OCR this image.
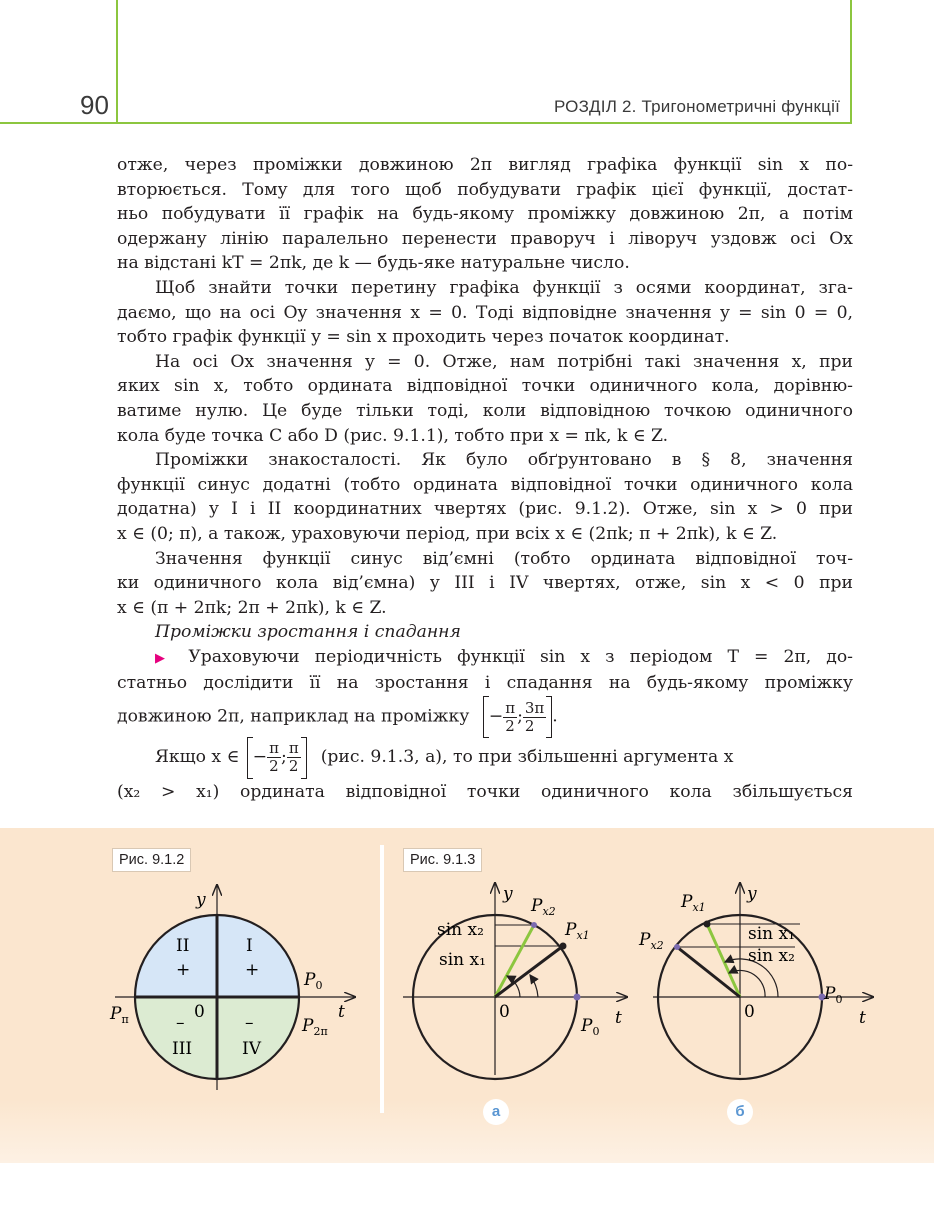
90	РОЗДІЛ 2. Тригонометричні функції
отже, через проміжки довжиною 2π вигляд графіка функції sin x по-
вторюється. Тому для того щоб побудувати графік цієї функції, достат-
ньо побудувати її графік на будь-якому проміжку довжиною 2π, а потім
одержану лінію паралельно перенести праворуч і ліворуч уздовж осі Ox
на відстані kT = 2πk, де k — будь-яке натуральне число.
Щоб знайти точки перетину графіка функції з осями координат, зга-
даємо, що на осі Oy значення x = 0. Тоді відповідне значення y = sin 0 = 0,
тобто графік функції y = sin x проходить через початок координат.
На осі Ox значення y = 0. Отже, нам потрібні такі значення x, при
яких sin x, тобто ордината відповідної точки одиничного кола, дорівню-
ватиме нулю. Це буде тільки тоді, коли відповідною точкою одиничного
кола буде точка C або D (рис. 9.1.1), тобто при x = πk, k ∈ Z.
Проміжки знакосталості. Як було обґрунтовано в § 8, значення
функції синус додатні (тобто ордината відповідної точки одиничного кола
додатна) у I і II координатних чвертях (рис. 9.1.2). Отже, sin x > 0 при
x ∈ (0; π), а також, ураховуючи період, при всіх x ∈ (2πk; π + 2πk), k ∈ Z.
Значення функції синус від’ємні (тобто ордината відповідної точ-
ки одиничного кола від’ємна) у III і IV чвертях, отже, sin x < 0 при
x ∈ (π + 2πk; 2π + 2πk), k ∈ Z.
Проміжки зростання і спадання
▶ Ураховуючи періодичність функції sin x з періодом T = 2π, до-
статньо дослідити її на зростання і спадання на будь-якому проміжку
довжиною 2π, наприклад на проміжку − $\frac{\pi}{2}$ ; $\frac{3\pi}{2}$ .
Якщо x ∈ − $\frac{\pi}{2}$ ; $\frac{\pi}{2} (рис$. 9.1.3, а), то при збільшенні аргумента x
(x₂ > x₁) ордината відповідної точки одиничного кола збільшується
Рис. 9.1.2	Рис. 9.1.3
y
t
0
II	I
+	+
–	–
III	IV
$P_0$
$P_\pi$	$P_{2\pi}$
y
t
0
sin x₂
sin x₁
$P_{x2}$
$P_{x1}$
$P_0$
y
t
0
sin x₁
sin x₂
$P_{x1}$
$P_{x2}$
$P_0$
а	б
